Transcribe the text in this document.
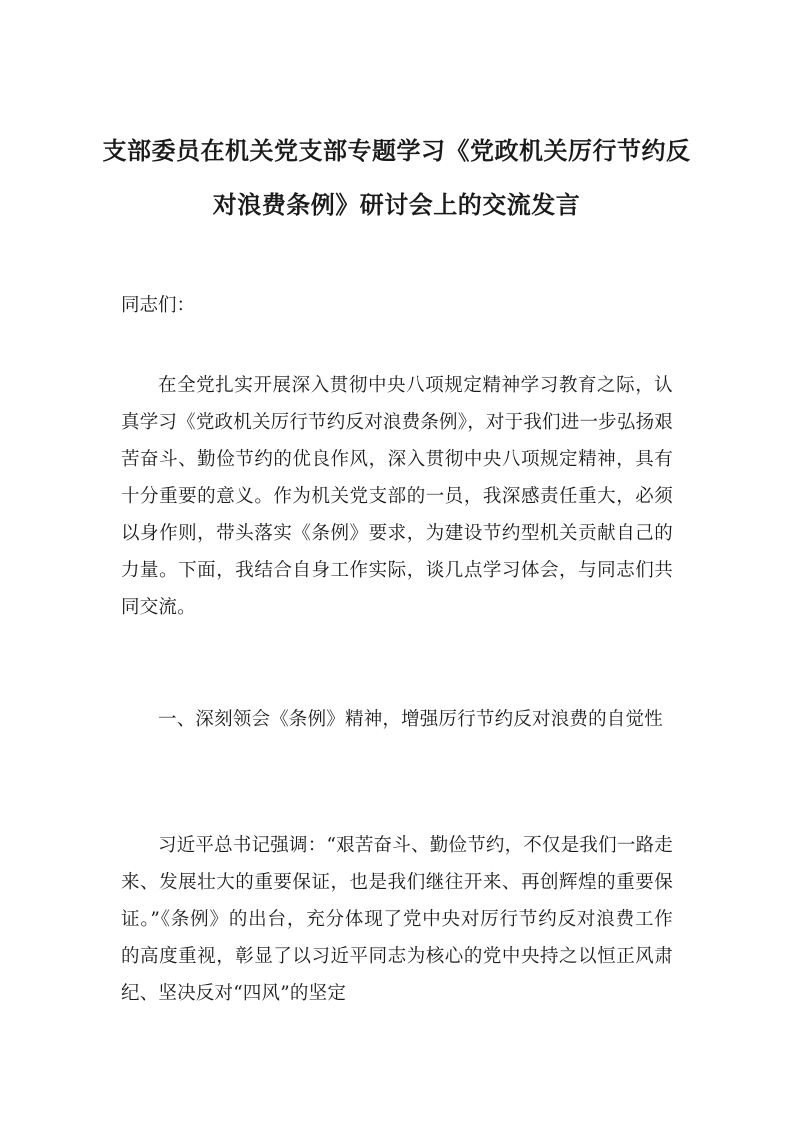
支部委员在机关党支部专题学习《党政机关厉行节约反对浪费条例》研讨会上的交流发言

同志们：

在全党扎实开展深入贯彻中央八项规定精神学习教育之际，认真学习《党政机关厉行节约反对浪费条例》，对于我们进一步弘扬艰苦奋斗、勤俭节约的优良作风，深入贯彻中央八项规定精神，具有十分重要的意义。作为机关党支部的一员，我深感责任重大，必须以身作则，带头落实《条例》要求，为建设节约型机关贡献自己的力量。下面，我结合自身工作实际，谈几点学习体会，与同志们共同交流。

一、深刻领会《条例》精神，增强厉行节约反对浪费的自觉性

习近平总书记强调：“艰苦奋斗、勤俭节约，不仅是我们一路走来、发展壮大的重要保证，也是我们继往开来、再创辉煌的重要保证。”《条例》的出台，充分体现了党中央对厉行节约反对浪费工作的高度重视，彰显了以习近平同志为核心的党中央持之以恒正风肃纪、坚决反对“四风”的坚定
